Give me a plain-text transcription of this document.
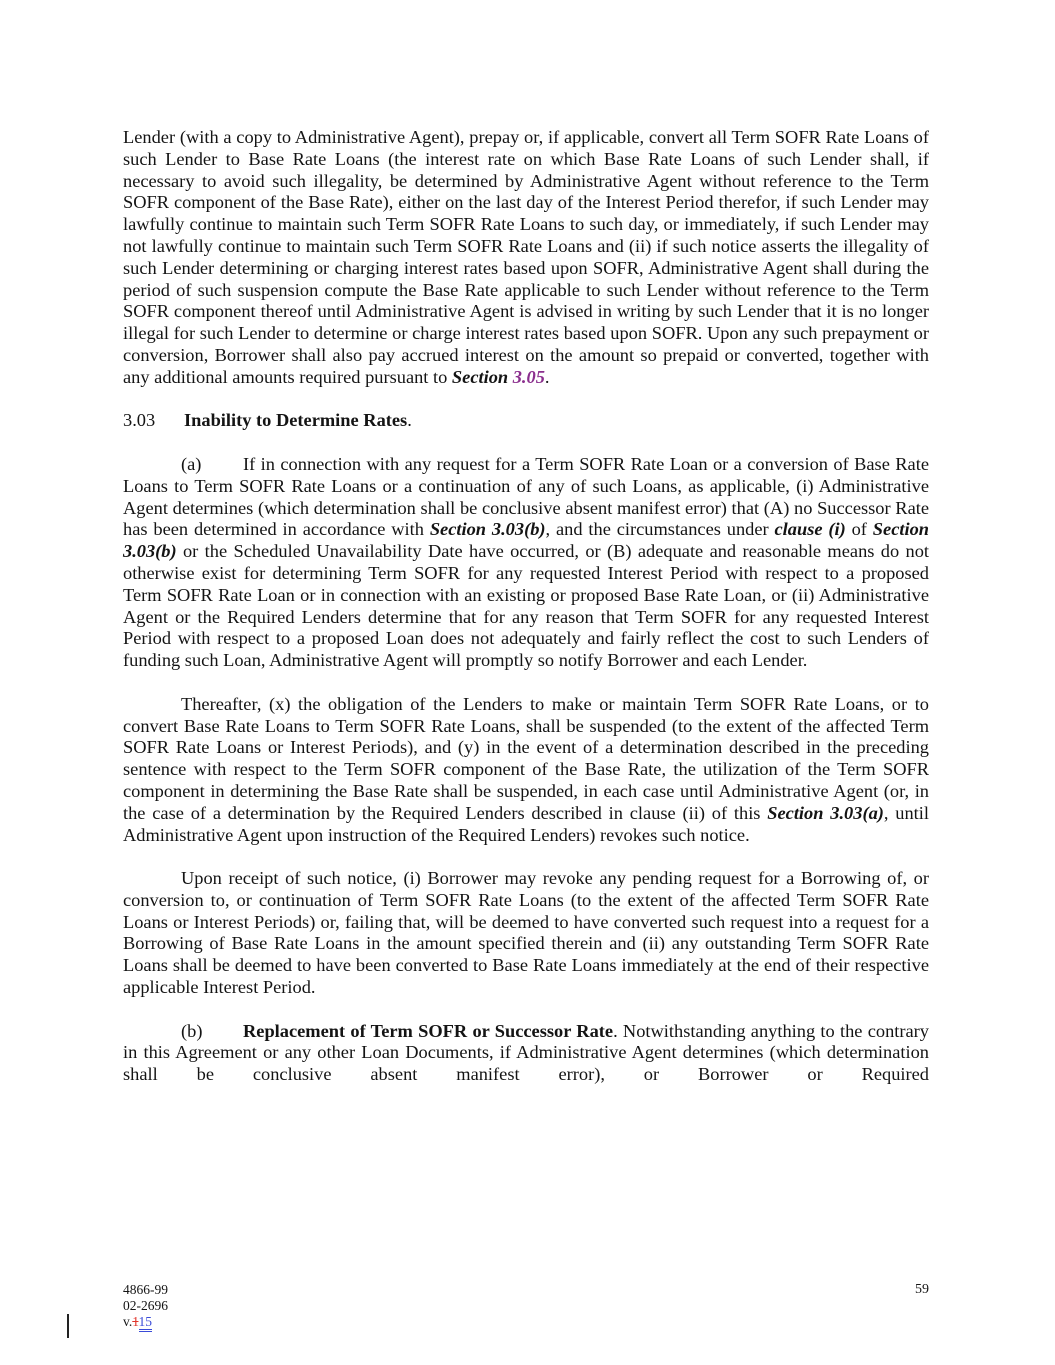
Lender (with a copy to Administrative Agent), prepay or, if applicable, convert all Term SOFR Rate Loans of such Lender to Base Rate Loans (the interest rate on which Base Rate Loans of such Lender shall, if necessary to avoid such illegality, be determined by Administrative Agent without reference to the Term SOFR component of the Base Rate), either on the last day of the Interest Period therefor, if such Lender may lawfully continue to maintain such Term SOFR Rate Loans to such day, or immediately, if such Lender may not lawfully continue to maintain such Term SOFR Rate Loans and (ii) if such notice asserts the illegality of such Lender determining or charging interest rates based upon SOFR, Administrative Agent shall during the period of such suspension compute the Base Rate applicable to such Lender without reference to the Term SOFR component thereof until Administrative Agent is advised in writing by such Lender that it is no longer illegal for such Lender to determine or charge interest rates based upon SOFR. Upon any such prepayment or conversion, Borrower shall also pay accrued interest on the amount so prepaid or converted, together with any additional amounts required pursuant to Section 3.05.

3.03 Inability to Determine Rates.

(a) If in connection with any request for a Term SOFR Rate Loan or a conversion of Base Rate Loans to Term SOFR Rate Loans or a continuation of any of such Loans, as applicable, (i) Administrative Agent determines (which determination shall be conclusive absent manifest error) that (A) no Successor Rate has been determined in accordance with Section 3.03(b), and the circumstances under clause (i) of Section 3.03(b) or the Scheduled Unavailability Date have occurred, or (B) adequate and reasonable means do not otherwise exist for determining Term SOFR for any requested Interest Period with respect to a proposed Term SOFR Rate Loan or in connection with an existing or proposed Base Rate Loan, or (ii) Administrative Agent or the Required Lenders determine that for any reason that Term SOFR for any requested Interest Period with respect to a proposed Loan does not adequately and fairly reflect the cost to such Lenders of funding such Loan, Administrative Agent will promptly so notify Borrower and each Lender.

Thereafter, (x) the obligation of the Lenders to make or maintain Term SOFR Rate Loans, or to convert Base Rate Loans to Term SOFR Rate Loans, shall be suspended (to the extent of the affected Term SOFR Rate Loans or Interest Periods), and (y) in the event of a determination described in the preceding sentence with respect to the Term SOFR component of the Base Rate, the utilization of the Term SOFR component in determining the Base Rate shall be suspended, in each case until Administrative Agent (or, in the case of a determination by the Required Lenders described in clause (ii) of this Section 3.03(a), until Administrative Agent upon instruction of the Required Lenders) revokes such notice.

Upon receipt of such notice, (i) Borrower may revoke any pending request for a Borrowing of, or conversion to, or continuation of Term SOFR Rate Loans (to the extent of the affected Term SOFR Rate Loans or Interest Periods) or, failing that, will be deemed to have converted such request into a request for a Borrowing of Base Rate Loans in the amount specified therein and (ii) any outstanding Term SOFR Rate Loans shall be deemed to have been converted to Base Rate Loans immediately at the end of their respective applicable Interest Period.

(b) Replacement of Term SOFR or Successor Rate. Notwithstanding anything to the contrary in this Agreement or any other Loan Documents, if Administrative Agent determines (which determination shall be conclusive absent manifest error), or Borrower or Required

4866-99
02-2696
v.115
59
